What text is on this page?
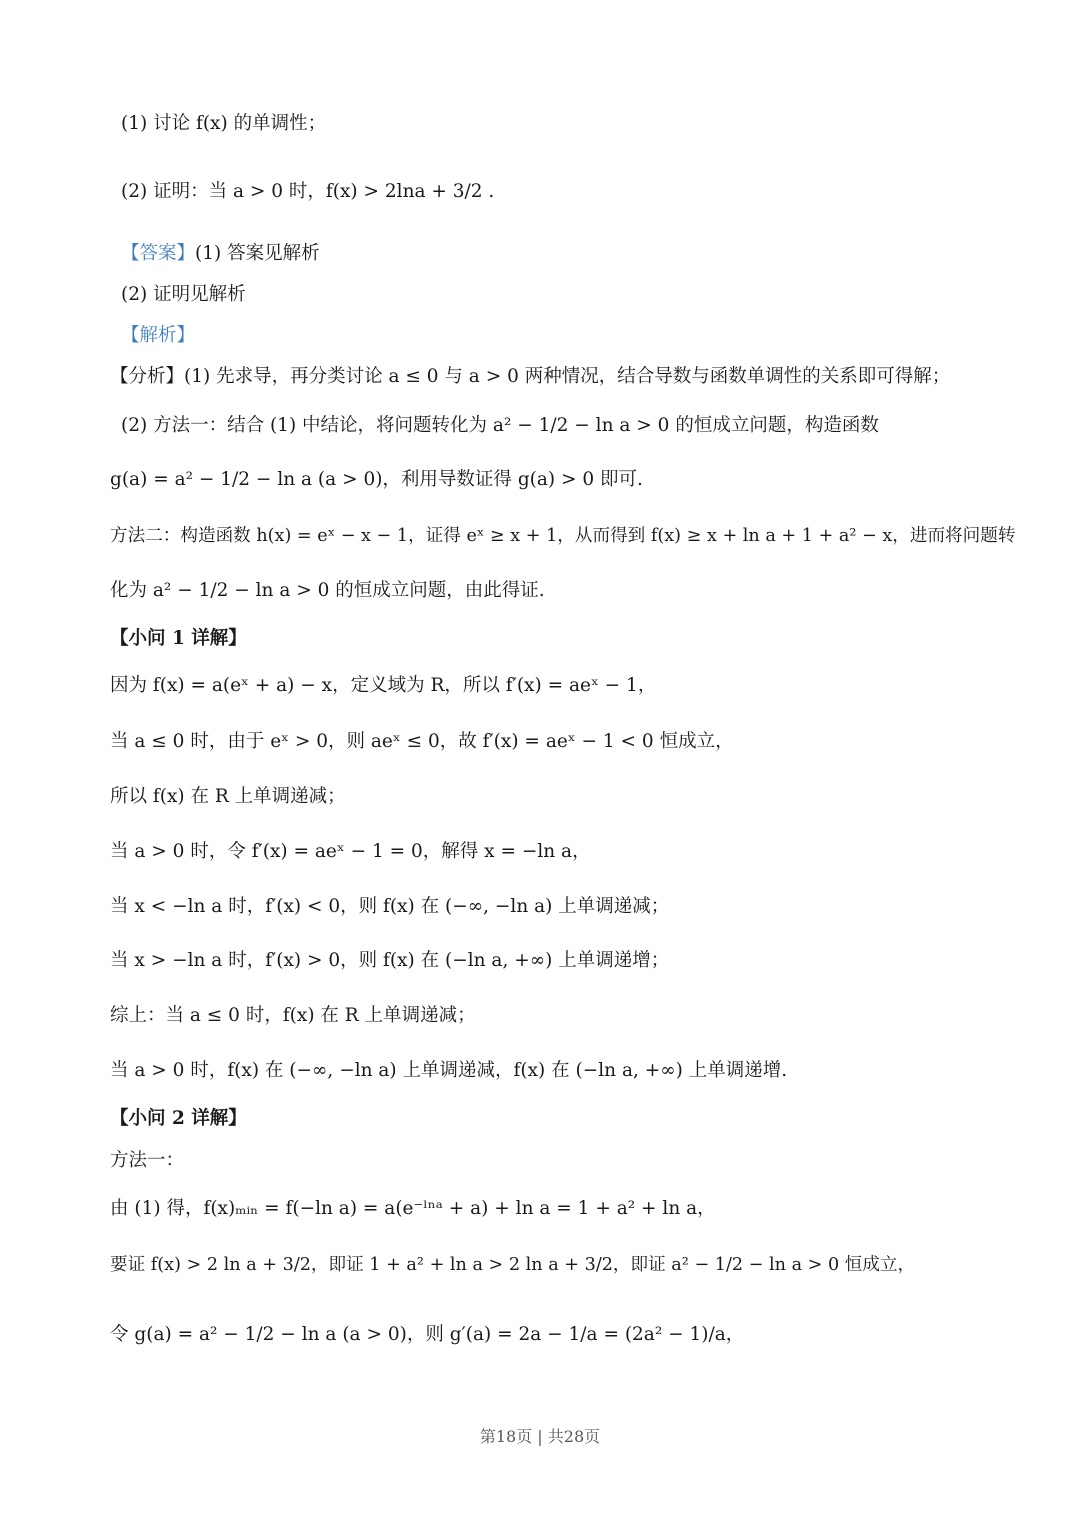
(1) 讨论 f(x) 的单调性；
(2) 证明：当 a > 0 时，f(x) > 2lna + 3/2 .
【答案】(1) 答案见解析
(2) 证明见解析
【解析】
【分析】(1) 先求导，再分类讨论 a ≤ 0 与 a > 0 两种情况，结合导数与函数单调性的关系即可得解；
(2) 方法一：结合 (1) 中结论，将问题转化为 a² − 1/2 − ln a > 0 的恒成立问题，构造函数
g(a) = a² − 1/2 − ln a (a > 0)，利用导数证得 g(a) > 0 即可.
方法二：构造函数 h(x) = eˣ − x − 1，证得 eˣ ≥ x + 1，从而得到 f(x) ≥ x + ln a + 1 + a² − x，进而将问题转
化为 a² − 1/2 − ln a > 0 的恒成立问题，由此得证.
【小问 1 详解】
因为 f(x) = a(eˣ + a) − x，定义域为 R，所以 f′(x) = aeˣ − 1，
当 a ≤ 0 时，由于 eˣ > 0，则 aeˣ ≤ 0，故 f′(x) = aeˣ − 1 < 0 恒成立，
所以 f(x) 在 R 上单调递减；
当 a > 0 时，令 f′(x) = aeˣ − 1 = 0，解得 x = −ln a，
当 x < −ln a 时，f′(x) < 0，则 f(x) 在 (−∞, −ln a) 上单调递减；
当 x > −ln a 时，f′(x) > 0，则 f(x) 在 (−ln a, +∞) 上单调递增；
综上：当 a ≤ 0 时，f(x) 在 R 上单调递减；
当 a > 0 时，f(x) 在 (−∞, −ln a) 上单调递减，f(x) 在 (−ln a, +∞) 上单调递增.
【小问 2 详解】
方法一：
由 (1) 得，f(x)ₘᵢₙ = f(−ln a) = a(e⁻ˡⁿᵃ + a) + ln a = 1 + a² + ln a，
要证 f(x) > 2 ln a + 3/2，即证 1 + a² + ln a > 2 ln a + 3/2，即证 a² − 1/2 − ln a > 0 恒成立，
令 g(a) = a² − 1/2 − ln a (a > 0)，则 g′(a) = 2a − 1/a = (2a² − 1)/a，
第18页 | 共28页
